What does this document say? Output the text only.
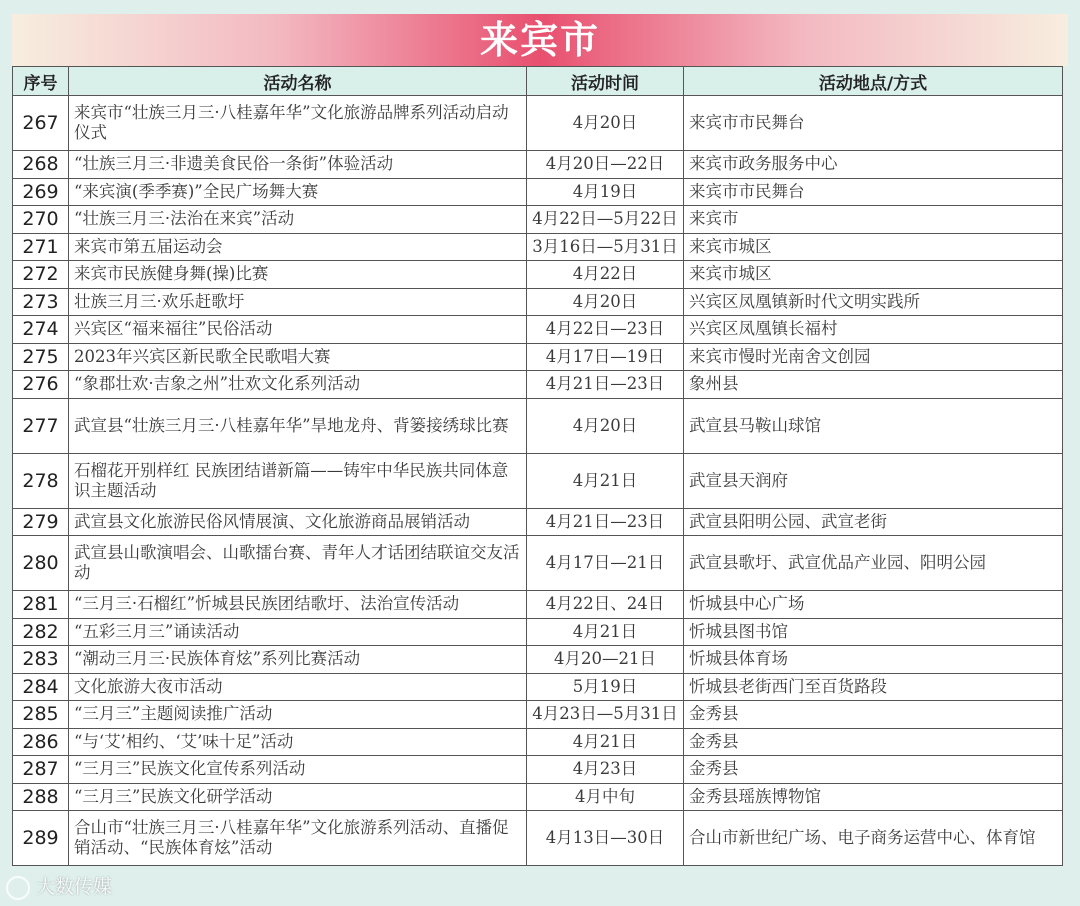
来宾市
序号	活动名称	活动时间	活动地点/方式
267	来宾市“壮族三月三·八桂嘉年华”文化旅游品牌系列活动启动仪式	4月20日	来宾市市民舞台
268	“壮族三月三·非遗美食民俗一条街”体验活动	4月20日—22日	来宾市政务服务中心
269	“来宾演(季季赛)”全民广场舞大赛	4月19日	来宾市市民舞台
270	“壮族三月三·法治在来宾”活动	4月22日—5月22日	来宾市
271	来宾市第五届运动会	3月16日—5月31日	来宾市城区
272	来宾市民族健身舞(操)比赛	4月22日	来宾市城区
273	壮族三月三·欢乐赶歌圩	4月20日	兴宾区凤凰镇新时代文明实践所
274	兴宾区“福来福往”民俗活动	4月22日—23日	兴宾区凤凰镇长福村
275	2023年兴宾区新民歌全民歌唱大赛	4月17日—19日	来宾市慢时光南舍文创园
276	“象郡壮欢·吉象之州”壮欢文化系列活动	4月21日—23日	象州县
277	武宣县“壮族三月三·八桂嘉年华”旱地龙舟、背篓接绣球比赛	4月20日	武宣县马鞍山球馆
278	石榴花开别样红 民族团结谱新篇——铸牢中华民族共同体意识主题活动	4月21日	武宣县天润府
279	武宣县文化旅游民俗风情展演、文化旅游商品展销活动	4月21日—23日	武宣县阳明公园、武宣老街
280	武宣县山歌演唱会、山歌擂台赛、青年人才话团结联谊交友活动	4月17日—21日	武宣县歌圩、武宣优品产业园、阳明公园
281	“三月三·石榴红”忻城县民族团结歌圩、法治宣传活动	4月22日、24日	忻城县中心广场
282	“五彩三月三”诵读活动	4月21日	忻城县图书馆
283	“潮动三月三·民族体育炫”系列比赛活动	4月20—21日	忻城县体育场
284	文化旅游大夜市活动	5月19日	忻城县老街西门至百货路段
285	“三月三”主题阅读推广活动	4月23日—5月31日	金秀县
286	“与‘艾’相约、‘艾’味十足”活动	4月21日	金秀县
287	“三月三”民族文化宣传系列活动	4月23日	金秀县
288	“三月三”民族文化研学活动	4月中旬	金秀县瑶族博物馆
289	合山市“壮族三月三·八桂嘉年华”文化旅游系列活动、直播促销活动、“民族体育炫”活动	4月13日—30日	合山市新世纪广场、电子商务运营中心、体育馆
大数传媒
